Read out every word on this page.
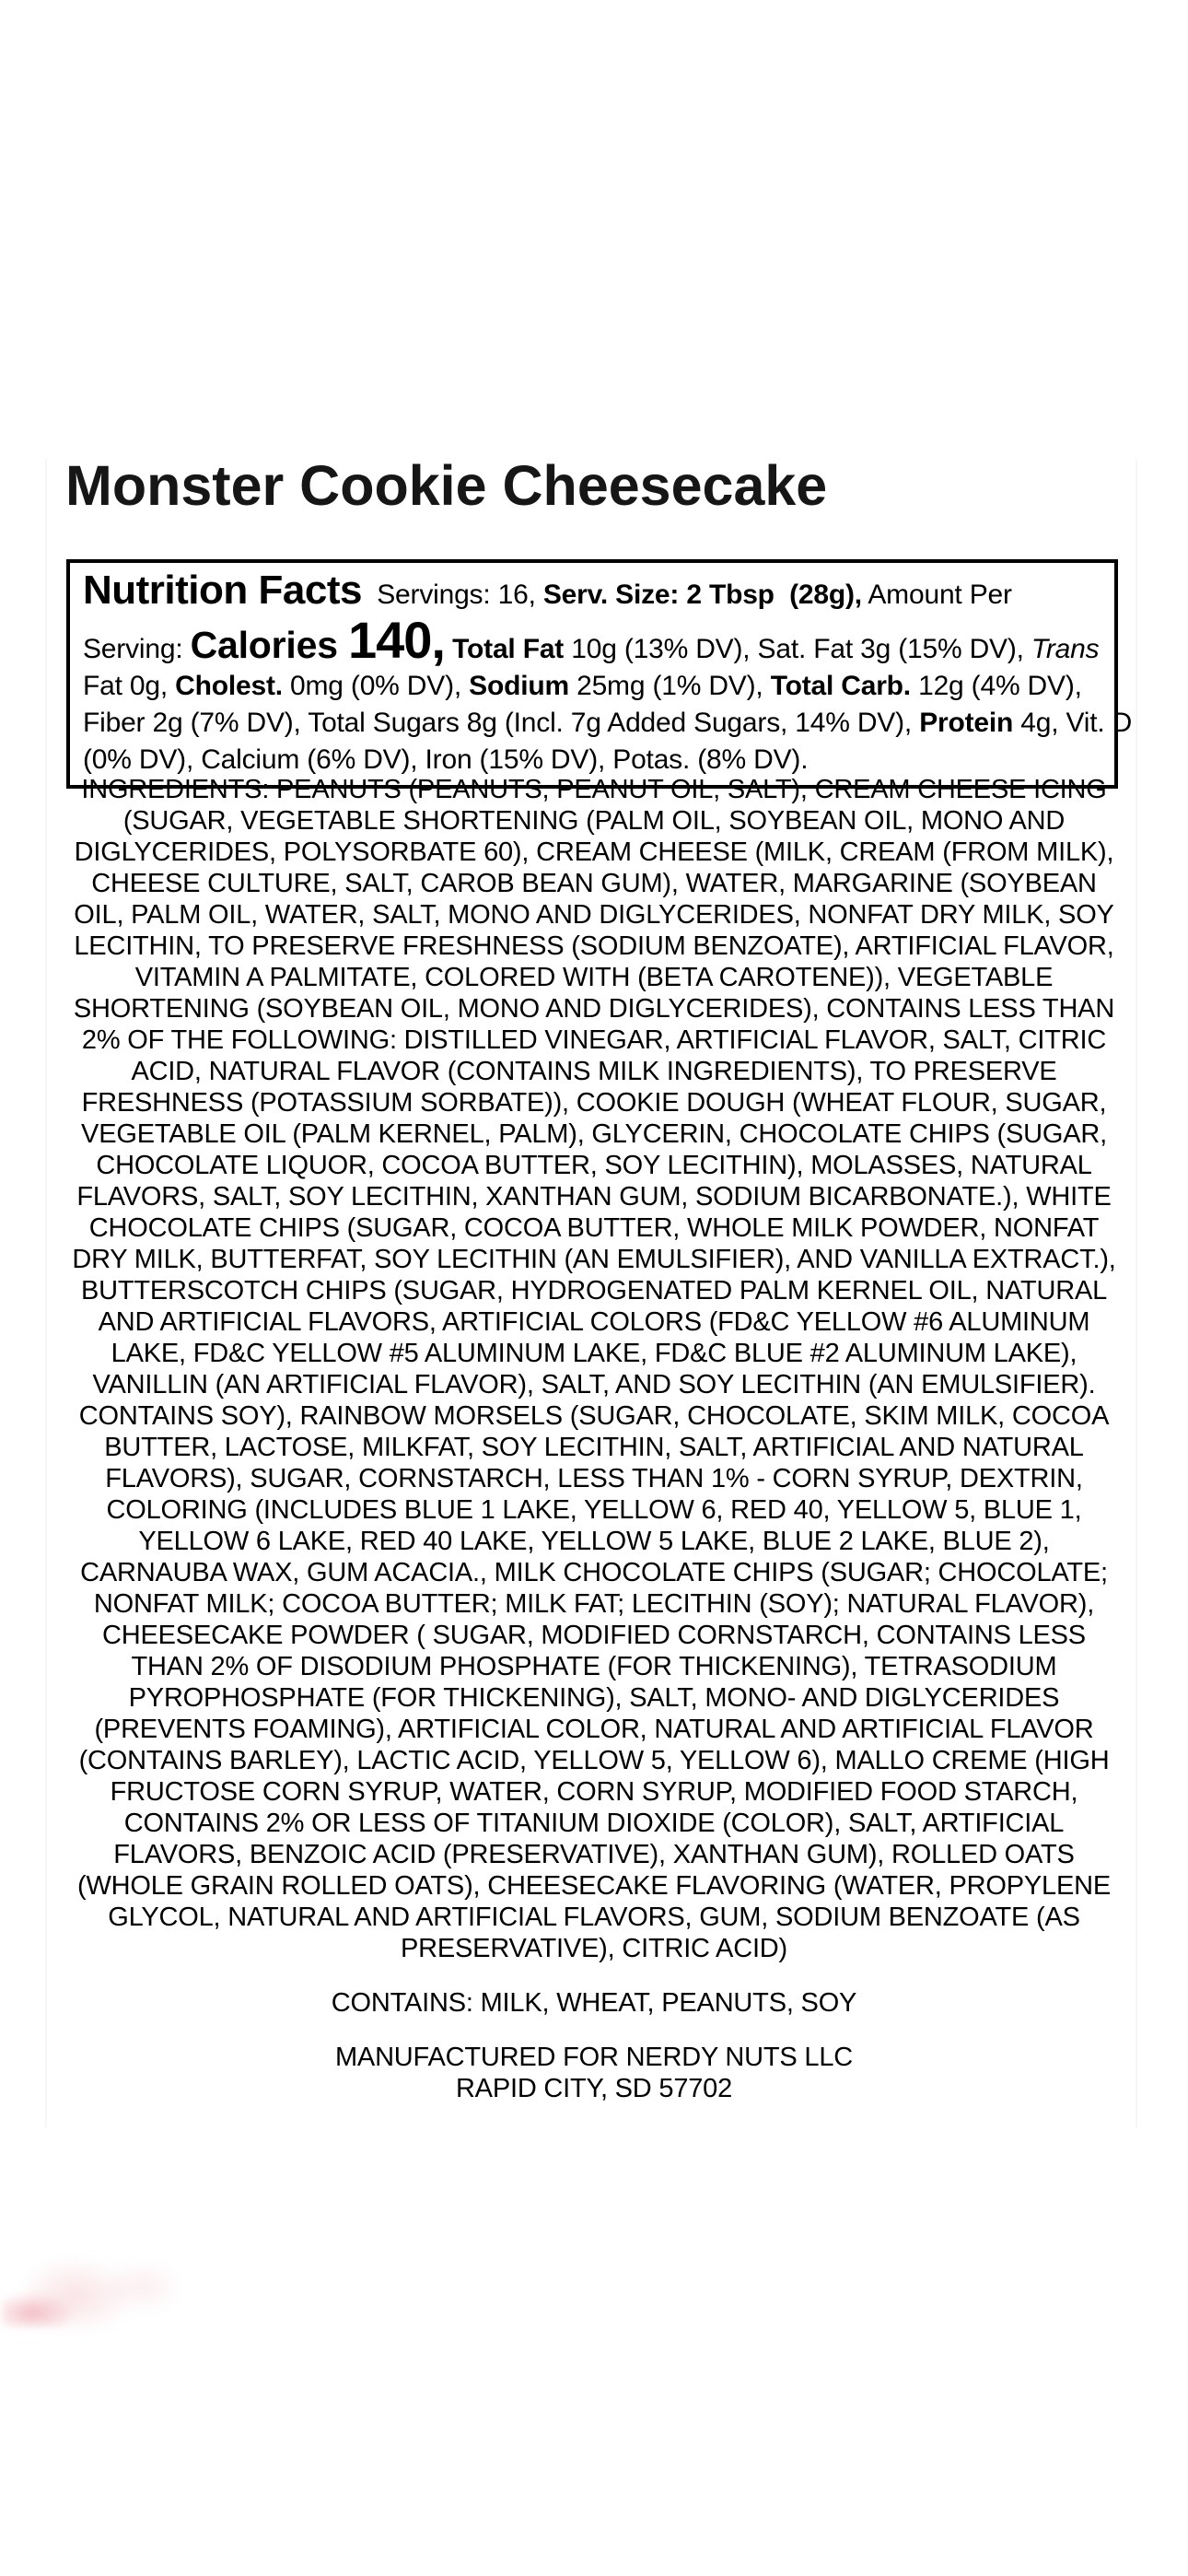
Monster Cookie Cheesecake
Nutrition Facts Servings: 16, Serv. Size: 2 Tbsp  (28g), Amount Per
Serving: Calories 140, Total Fat 10g (13% DV), Sat. Fat 3g (15% DV), Trans
Fat 0g, Cholest. 0mg (0% DV), Sodium 25mg (1% DV), Total Carb. 12g (4% DV),
Fiber 2g (7% DV), Total Sugars 8g (Incl. 7g Added Sugars, 14% DV), Protein 4g, Vit. D
(0% DV), Calcium (6% DV), Iron (15% DV), Potas. (8% DV).
INGREDIENTS: PEANUTS (PEANUTS, PEANUT OIL, SALT), CREAM CHEESE ICING
(SUGAR, VEGETABLE SHORTENING (PALM OIL, SOYBEAN OIL, MONO AND
DIGLYCERIDES, POLYSORBATE 60), CREAM CHEESE (MILK, CREAM (FROM MILK),
CHEESE CULTURE, SALT, CAROB BEAN GUM), WATER, MARGARINE (SOYBEAN
OIL, PALM OIL, WATER, SALT, MONO AND DIGLYCERIDES, NONFAT DRY MILK, SOY
LECITHIN, TO PRESERVE FRESHNESS (SODIUM BENZOATE), ARTIFICIAL FLAVOR,
VITAMIN A PALMITATE, COLORED WITH (BETA CAROTENE)), VEGETABLE
SHORTENING (SOYBEAN OIL, MONO AND DIGLYCERIDES), CONTAINS LESS THAN
2% OF THE FOLLOWING: DISTILLED VINEGAR, ARTIFICIAL FLAVOR, SALT, CITRIC
ACID, NATURAL FLAVOR (CONTAINS MILK INGREDIENTS), TO PRESERVE
FRESHNESS (POTASSIUM SORBATE)), COOKIE DOUGH (WHEAT FLOUR, SUGAR,
VEGETABLE OIL (PALM KERNEL, PALM), GLYCERIN, CHOCOLATE CHIPS (SUGAR,
CHOCOLATE LIQUOR, COCOA BUTTER, SOY LECITHIN), MOLASSES, NATURAL
FLAVORS, SALT, SOY LECITHIN, XANTHAN GUM, SODIUM BICARBONATE.), WHITE
CHOCOLATE CHIPS (SUGAR, COCOA BUTTER, WHOLE MILK POWDER, NONFAT
DRY MILK, BUTTERFAT, SOY LECITHIN (AN EMULSIFIER), AND VANILLA EXTRACT.),
BUTTERSCOTCH CHIPS (SUGAR, HYDROGENATED PALM KERNEL OIL, NATURAL
AND ARTIFICIAL FLAVORS, ARTIFICIAL COLORS (FD&C YELLOW #6 ALUMINUM
LAKE, FD&C YELLOW #5 ALUMINUM LAKE, FD&C BLUE #2 ALUMINUM LAKE),
VANILLIN (AN ARTIFICIAL FLAVOR), SALT, AND SOY LECITHIN (AN EMULSIFIER).
CONTAINS SOY), RAINBOW MORSELS (SUGAR, CHOCOLATE, SKIM MILK, COCOA
BUTTER, LACTOSE, MILKFAT, SOY LECITHIN, SALT, ARTIFICIAL AND NATURAL
FLAVORS), SUGAR, CORNSTARCH, LESS THAN 1% - CORN SYRUP, DEXTRIN,
COLORING (INCLUDES BLUE 1 LAKE, YELLOW 6, RED 40, YELLOW 5, BLUE 1,
YELLOW 6 LAKE, RED 40 LAKE, YELLOW 5 LAKE, BLUE 2 LAKE, BLUE 2),
CARNAUBA WAX, GUM ACACIA., MILK CHOCOLATE CHIPS (SUGAR; CHOCOLATE;
NONFAT MILK; COCOA BUTTER; MILK FAT; LECITHIN (SOY); NATURAL FLAVOR),
CHEESECAKE POWDER ( SUGAR, MODIFIED CORNSTARCH, CONTAINS LESS
THAN 2% OF DISODIUM PHOSPHATE (FOR THICKENING), TETRASODIUM
PYROPHOSPHATE (FOR THICKENING), SALT, MONO- AND DIGLYCERIDES
(PREVENTS FOAMING), ARTIFICIAL COLOR, NATURAL AND ARTIFICIAL FLAVOR
(CONTAINS BARLEY), LACTIC ACID, YELLOW 5, YELLOW 6), MALLO CREME (HIGH
FRUCTOSE CORN SYRUP, WATER, CORN SYRUP, MODIFIED FOOD STARCH,
CONTAINS 2% OR LESS OF TITANIUM DIOXIDE (COLOR), SALT, ARTIFICIAL
FLAVORS, BENZOIC ACID (PRESERVATIVE), XANTHAN GUM), ROLLED OATS
(WHOLE GRAIN ROLLED OATS), CHEESECAKE FLAVORING (WATER, PROPYLENE
GLYCOL, NATURAL AND ARTIFICIAL FLAVORS, GUM, SODIUM BENZOATE (AS
PRESERVATIVE), CITRIC ACID)
CONTAINS: MILK, WHEAT, PEANUTS, SOY
MANUFACTURED FOR NERDY NUTS LLC
RAPID CITY, SD 57702
